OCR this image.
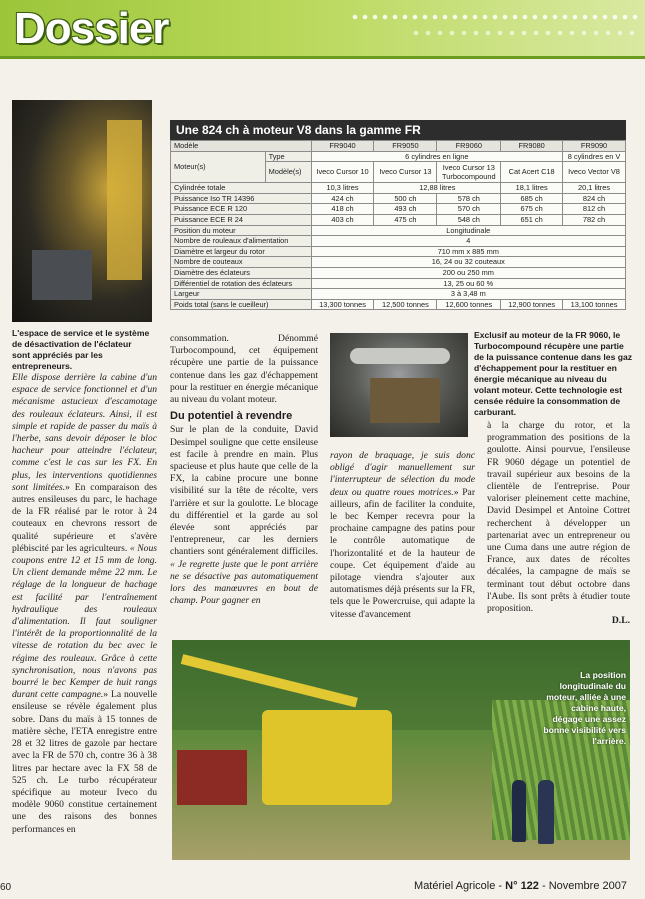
Dossier
L'espace de service et le système de désactivation de l'éclateur sont appréciés par les entrepreneurs.
Une 824 ch à moteur V8 dans la gamme FR
Modèle		FR9040	FR9050	FR9060	FR9080	FR9090
Moteur(s)	Type	6 cylindres en ligne				8 cylindres en V
	Modèle(s)	Iveco Cursor 10	Iveco Cursor 13	Iveco Cursor 13 Turbocompound	Cat Acert C18	Iveco Vector V8
Cylindrée totale		10,3 litres	12,88 litres		18,1 litres	20,1 litres
Puissance Iso TR 14396		424 ch	500 ch	578 ch	685 ch	824 ch
Puissance ECE R 120		418 ch	493 ch	570 ch	675 ch	812 ch
Puissance ECE R 24		403 ch	475 ch	548 ch	651 ch	782 ch
Position du moteur		Longitudinale				
Nombre de rouleaux d'alimentation		4				
Diamètre et largeur du rotor		710 mm x 885 mm				
Nombre de couteaux		16, 24 ou 32 couteaux				
Diamètre des éclateurs		200 ou 250 mm				
Différentiel de rotation des éclateurs		13, 25 ou 60 %				
Largeur		3 à 3,48 m				
Poids total (sans le cueilleur)		13,300 tonnes	12,500 tonnes	12,600 tonnes	12,900 tonnes	13,100 tonnes
Exclusif au moteur de la FR 9060, le Turbocompound récupère une partie de la puissance contenue dans les gaz d'échappement pour la restituer en énergie mécanique au niveau du volant moteur. Cette technologie est censée réduire la consommation de carburant.

Elle dispose derrière la cabine d'un espace de service fonctionnel et d'un mécanisme astucieux d'escamotage des rouleaux éclateurs. Ainsi, il est simple et rapide de passer du maïs à l'herbe, sans devoir déposer le bloc hacheur pour atteindre l'éclateur, comme c'est le cas sur les FX. En plus, les interventions quotidiennes sont limitées.» En comparaison des autres ensileuses du parc, le hachage de la FR réalisé par le rotor à 24 couteaux en chevrons ressort de qualité supérieure et s'avère plébiscité par les agriculteurs. « Nous coupons entre 12 et 15 mm de long. Un client demande même 22 mm. Le réglage de la longueur de hachage est facilité par l'entraînement hydraulique des rouleaux d'alimentation. Il faut souligner l'intérêt de la proportionnalité de la vitesse de rotation du bec avec le régime des rouleaux. Grâce à cette synchronisation, nous n'avons pas bourré le bec Kemper de huit rangs durant cette campagne.» La nouvelle ensileuse se révèle également plus sobre. Dans du maïs à 15 tonnes de matière sèche, l'ETA enregistre entre 28 et 32 litres de gazole par hectare avec la FR de 570 ch, contre 36 à 38 litres par hectare avec la FX 58 de 525 ch. Le turbo récupérateur spécifique au moteur Iveco du modèle 9060 constitue certainement une des raisons des bonnes performances en

consommation. Dénommé Turbocompound, cet équipement récupère une partie de la puissance contenue dans les gaz d'échappement pour la restituer en énergie mécanique au niveau du volant moteur.

Du potentiel à revendre

Sur le plan de la conduite, David Desimpel souligne que cette ensileuse est facile à prendre en main. Plus spacieuse et plus haute que celle de la FX, la cabine procure une bonne visibilité sur la tête de récolte, vers l'arrière et sur la goulotte. Le blocage du différentiel et la garde au sol élevée sont appréciés par l'entrepreneur, car les derniers chantiers sont généralement difficiles. « Je regrette juste que le pont arrière ne se désactive pas automatiquement lors des manœuvres en bout de champ. Pour gagner en

rayon de braquage, je suis donc obligé d'agir manuellement sur l'interrupteur de sélection du mode deux ou quatre roues motrices.» Par ailleurs, afin de faciliter la conduite, le bec Kemper recevra pour la prochaine campagne des patins pour le contrôle automatique de l'horizontalité et de la hauteur de coupe. Cet équipement d'aide au pilotage viendra s'ajouter aux automatismes déjà présents sur la FR, tels que le Powercruise, qui adapte la vitesse d'avancement

à la charge du rotor, et la programmation des positions de la goulotte. Ainsi pourvue, l'ensileuse FR 9060 dégage un potentiel de travail supérieur aux besoins de la clientèle de l'entreprise. Pour valoriser pleinement cette machine, David Desimpel et Antoine Cottret recherchent à développer un partenariat avec un entrepreneur ou une Cuma dans une autre région de France, aux dates de récoltes décalées, la campagne de maïs se terminant tout début octobre dans l'Aube. Ils sont prêts à étudier toute proposition.

D.L.

La position longitudinale du moteur, alliée à une cabine haute, dégage une assez bonne visibilité vers l'arrière.
60	Matériel Agricole - N° 122 - Novembre 2007
